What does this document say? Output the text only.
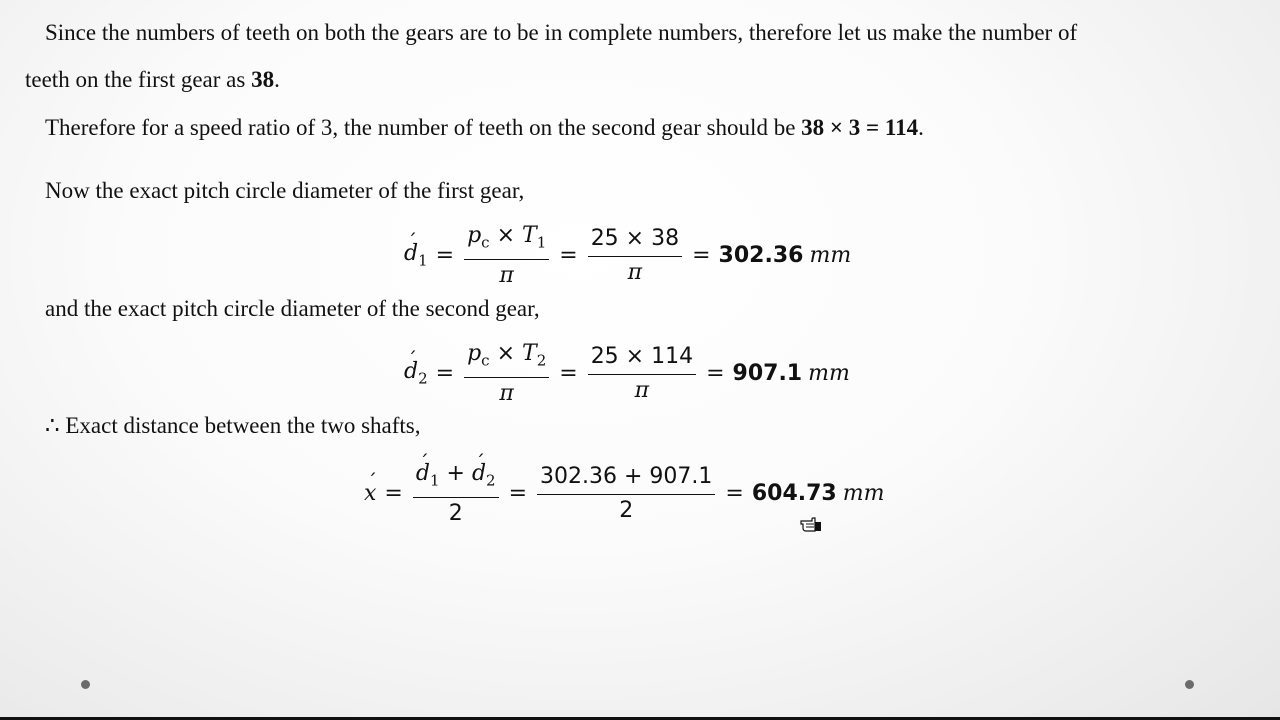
Since the numbers of teeth on both the gears are to be in complete numbers, therefore let us make the number of
teeth on the first gear as 38.
Therefore for a speed ratio of 3, the number of teeth on the second gear should be 38 × 3 = 114.
Now the exact pitch circle diameter of the first gear,
´ $d_1 = \frac{p_c \times T_1}{\pi} = \frac{25 \times 38}{\pi} = 302.36$ mm
and the exact pitch circle diameter of the second gear,
´ $d_2 = \frac{p_c \times T_2}{\pi} = \frac{25 \times 114}{\pi} = 907.1$ mm
∴ Exact distance between the two shafts,
´ x = ´ $\frac{d_1 + ´ d_2}{2} = \frac{302.36 + 907.1}{2} = 604.73$ mm
